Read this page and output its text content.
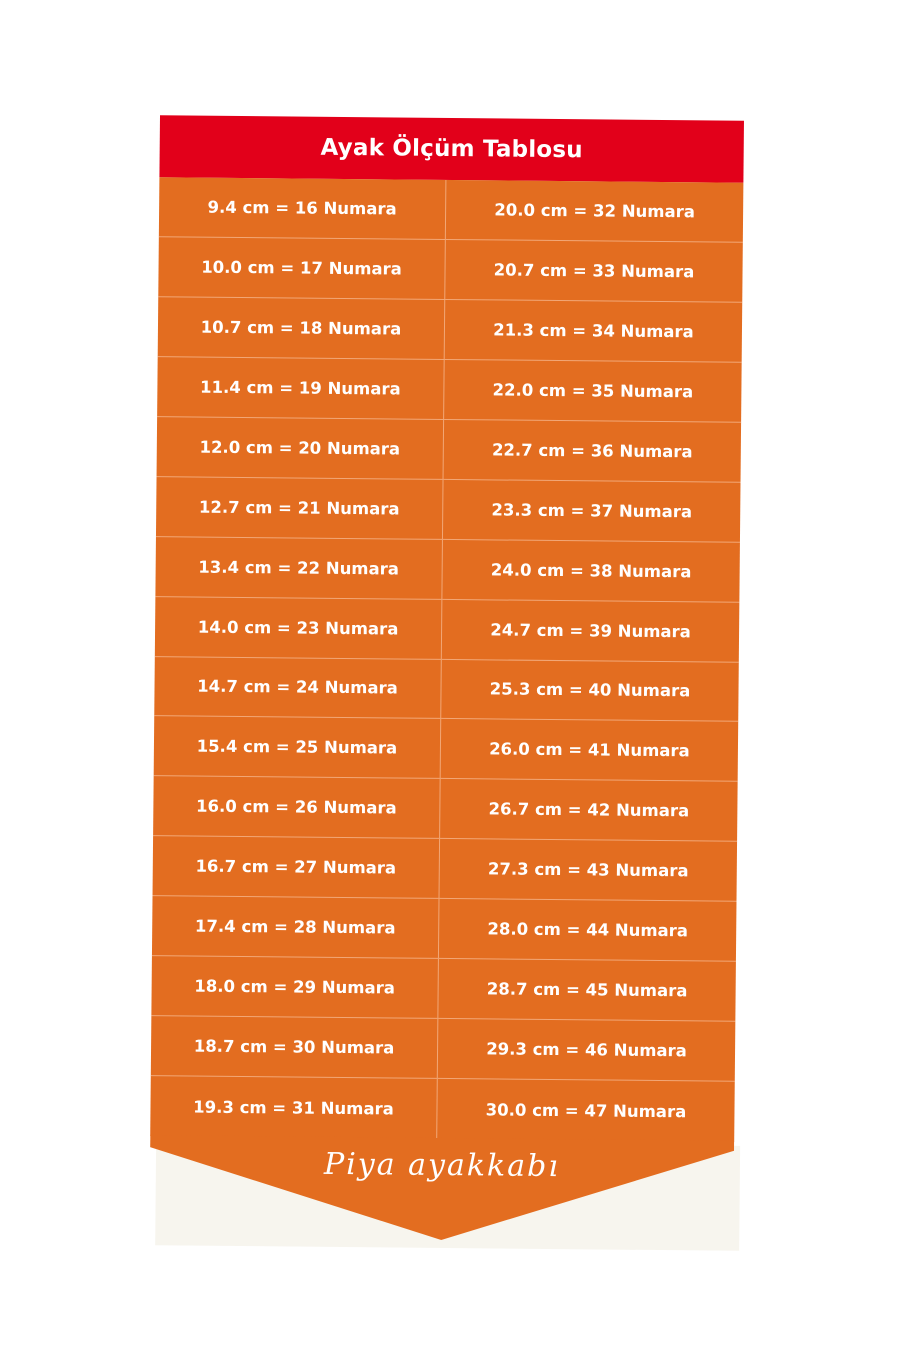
Ayak Ölçüm Tablosu
9.4 cm = 16 Numara	20.0 cm = 32 Numara
10.0 cm = 17 Numara	20.7 cm = 33 Numara
10.7 cm = 18 Numara	21.3 cm = 34 Numara
11.4 cm = 19 Numara	22.0 cm = 35 Numara
12.0 cm = 20 Numara	22.7 cm = 36 Numara
12.7 cm = 21 Numara	23.3 cm = 37 Numara
13.4 cm = 22 Numara	24.0 cm = 38 Numara
14.0 cm = 23 Numara	24.7 cm = 39 Numara
14.7 cm = 24 Numara	25.3 cm = 40 Numara
15.4 cm = 25 Numara	26.0 cm = 41 Numara
16.0 cm = 26 Numara	26.7 cm = 42 Numara
16.7 cm = 27 Numara	27.3 cm = 43 Numara
17.4 cm = 28 Numara	28.0 cm = 44 Numara
18.0 cm = 29 Numara	28.7 cm = 45 Numara
18.7 cm = 30 Numara	29.3 cm = 46 Numara
19.3 cm = 31 Numara	30.0 cm = 47 Numara
Piya ayakkabı
